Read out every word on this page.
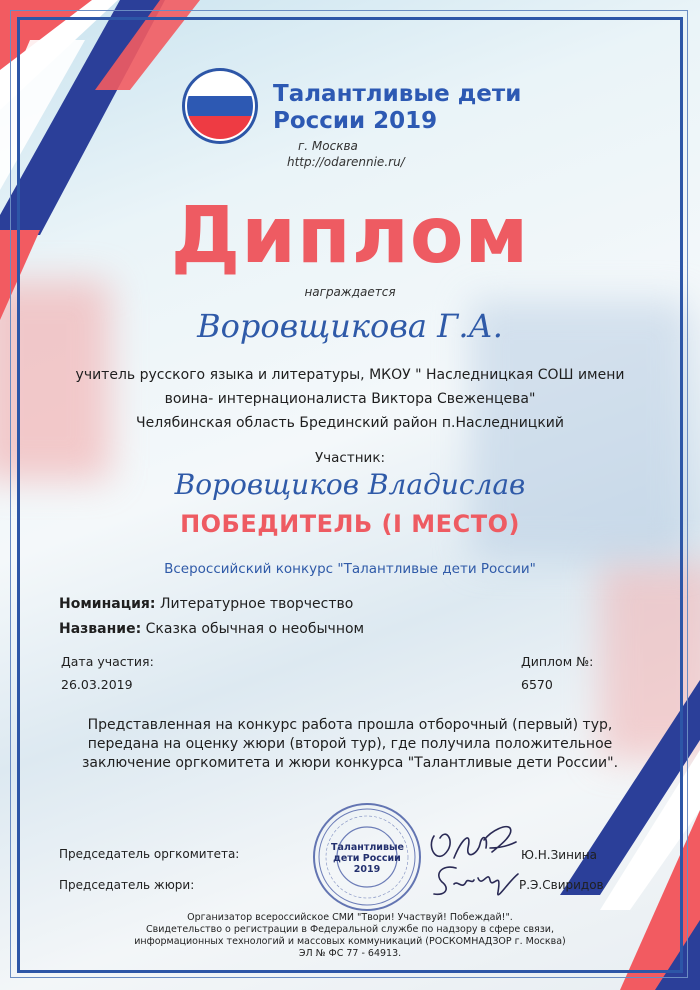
Талантливые дети
России 2019
г. Москва
http://odarennie.ru/
Диплом
награждается
Воровщикова Г.А.
учитель русского языка и литературы, МКОУ " Наследницкая СОШ имени
воина- интернационалиста Виктора Свеженцева"
Челябинская область Брединский район п.Наследницкий
Участник:
Воровщиков Владислав
ПОБЕДИТЕЛЬ (I МЕСТО)
Всероссийский конкурс "Талантливые дети России"
Номинация: Литературное творчество
Название: Сказка обычная о необычном
Дата участия:
26.03.2019
Диплом №:
6570
Представленная на конкурс работа прошла отборочный (первый) тур,
передана на оценку жюри (второй тур), где получила положительное
заключение оргкомитета и жюри конкурса "Талантливые дети России".
Талантливые
дети России
2019
Председатель оргкомитета:
Председатель жюри:
Ю.Н.Зинина
Р.Э.Свиридов
Организатор всероссийское СМИ "Твори! Участвуй! Побеждай!".
Свидетельство о регистрации в Федеральной службе по надзору в сфере связи,
информационных технологий и массовых коммуникаций (РОСКОМНАДЗОР г. Москва)
ЭЛ № ФС 77 - 64913.
